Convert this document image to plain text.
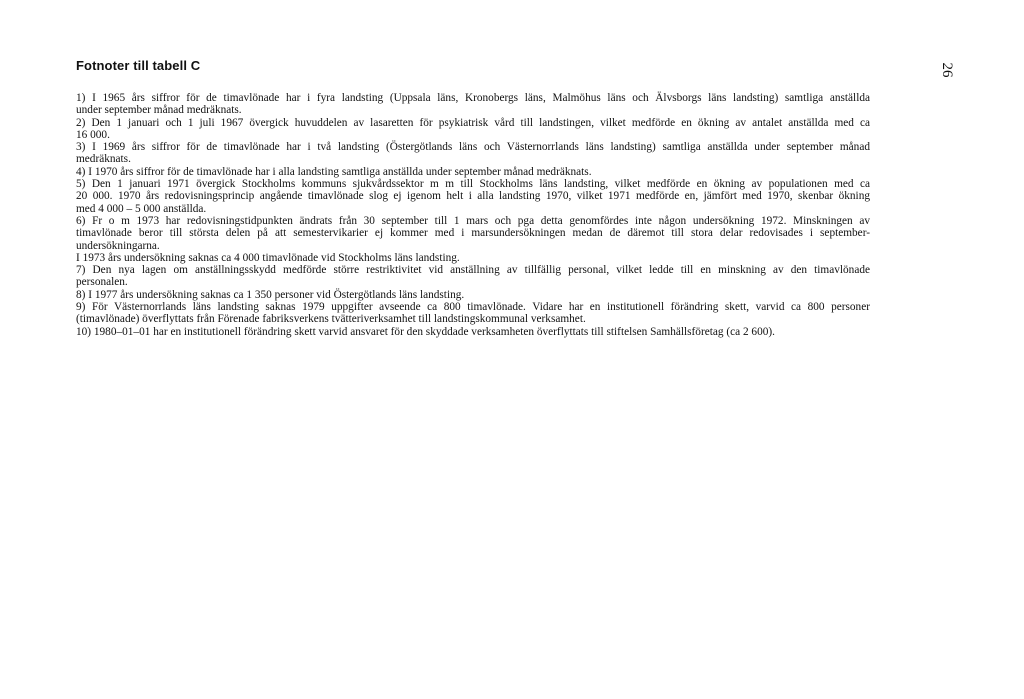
Fotnoter till tabell C	26
1) I 1965 års siffror för de timavlönade har i fyra landsting (Uppsala läns, Kronobergs läns, Malmöhus läns och Älvsborgs läns landsting) samtliga anställda
under september månad medräknats.
2) Den 1 januari och 1 juli 1967 övergick huvuddelen av lasaretten för psykiatrisk vård till landstingen, vilket medförde en ökning av antalet anställda med ca
16 000.
3) I 1969 års siffror för de timavlönade har i två landsting (Östergötlands läns och Västernorrlands läns landsting) samtliga anställda under september månad
medräknats.
4) I 1970 års siffror för de timavlönade har i alla landsting samtliga anställda under september månad medräknats.
5) Den 1 januari 1971 övergick Stockholms kommuns sjukvårdssektor m m till Stockholms läns landsting, vilket medförde en ökning av populationen med ca
20 000. 1970 års redovisningsprincip angående timavlönade slog ej igenom helt i alla landsting 1970, vilket 1971 medförde en, jämfört med 1970, skenbar ökning
med 4 000 – 5 000 anställda.
6) Fr o m 1973 har redovisningstidpunkten ändrats från 30 september till 1 mars och pga detta genomfördes inte någon undersökning 1972. Minskningen av
timavlönade beror till största delen på att semestervikarier ej kommer med i marsundersökningen medan de däremot till stora delar redovisades i september-
undersökningarna.
I 1973 års undersökning saknas ca 4 000 timavlönade vid Stockholms läns landsting.
7) Den nya lagen om anställningsskydd medförde större restriktivitet vid anställning av tillfällig personal, vilket ledde till en minskning av den timavlönade
personalen.
8) I 1977 års undersökning saknas ca 1 350 personer vid Östergötlands läns landsting.
9) För Västernorrlands läns landsting saknas 1979 uppgifter avseende ca 800 timavlönade. Vidare har en institutionell förändring skett, varvid ca 800 personer
(timavlönade) överflyttats från Förenade fabriksverkens tvätteriverksamhet till landstingskommunal verksamhet.
10) 1980–01–01 har en institutionell förändring skett varvid ansvaret för den skyddade verksamheten överflyttats till stiftelsen Samhällsföretag (ca 2 600).
